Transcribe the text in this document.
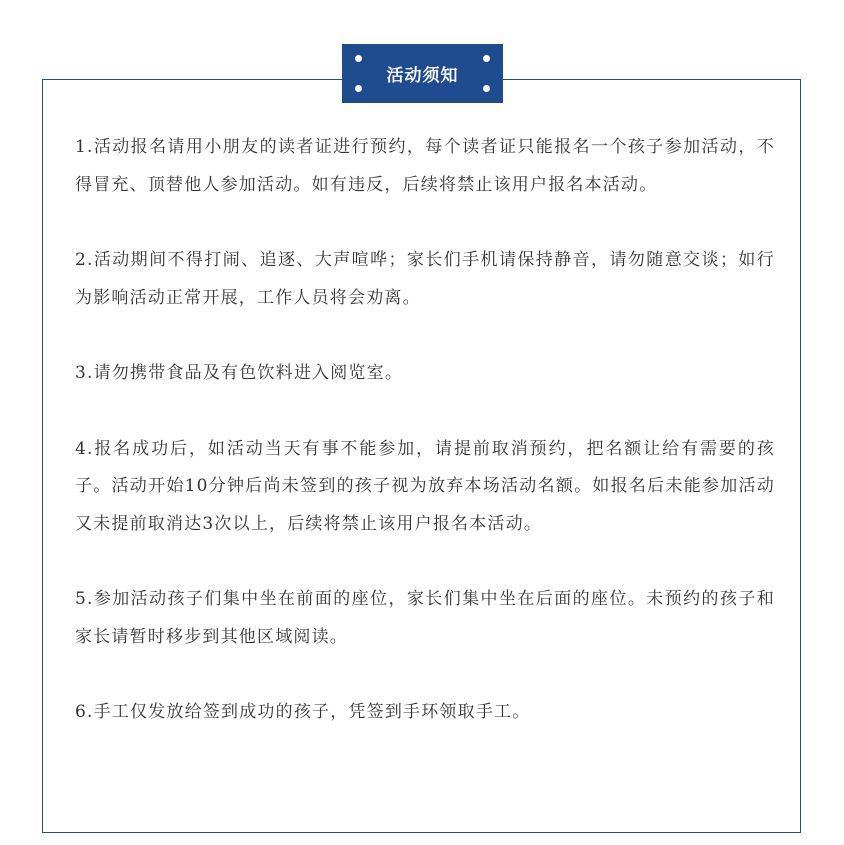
活动须知

1.活动报名请用小朋友的读者证进行预约，每个读者证只能报名一个孩子参加活动，不得冒充、顶替他人参加活动。如有违反，后续将禁止该用户报名本活动。

2.活动期间不得打闹、追逐、大声喧哗；家长们手机请保持静音，请勿随意交谈；如行为影响活动正常开展，工作人员将会劝离。

3.请勿携带食品及有色饮料进入阅览室。

4.报名成功后，如活动当天有事不能参加，请提前取消预约，把名额让给有需要的孩子。活动开始10分钟后尚未签到的孩子视为放弃本场活动名额。如报名后未能参加活动又未提前取消达3次以上，后续将禁止该用户报名本活动。

5.参加活动孩子们集中坐在前面的座位，家长们集中坐在后面的座位。未预约的孩子和家长请暂时移步到其他区域阅读。

6.手工仅发放给签到成功的孩子，凭签到手环领取手工。
